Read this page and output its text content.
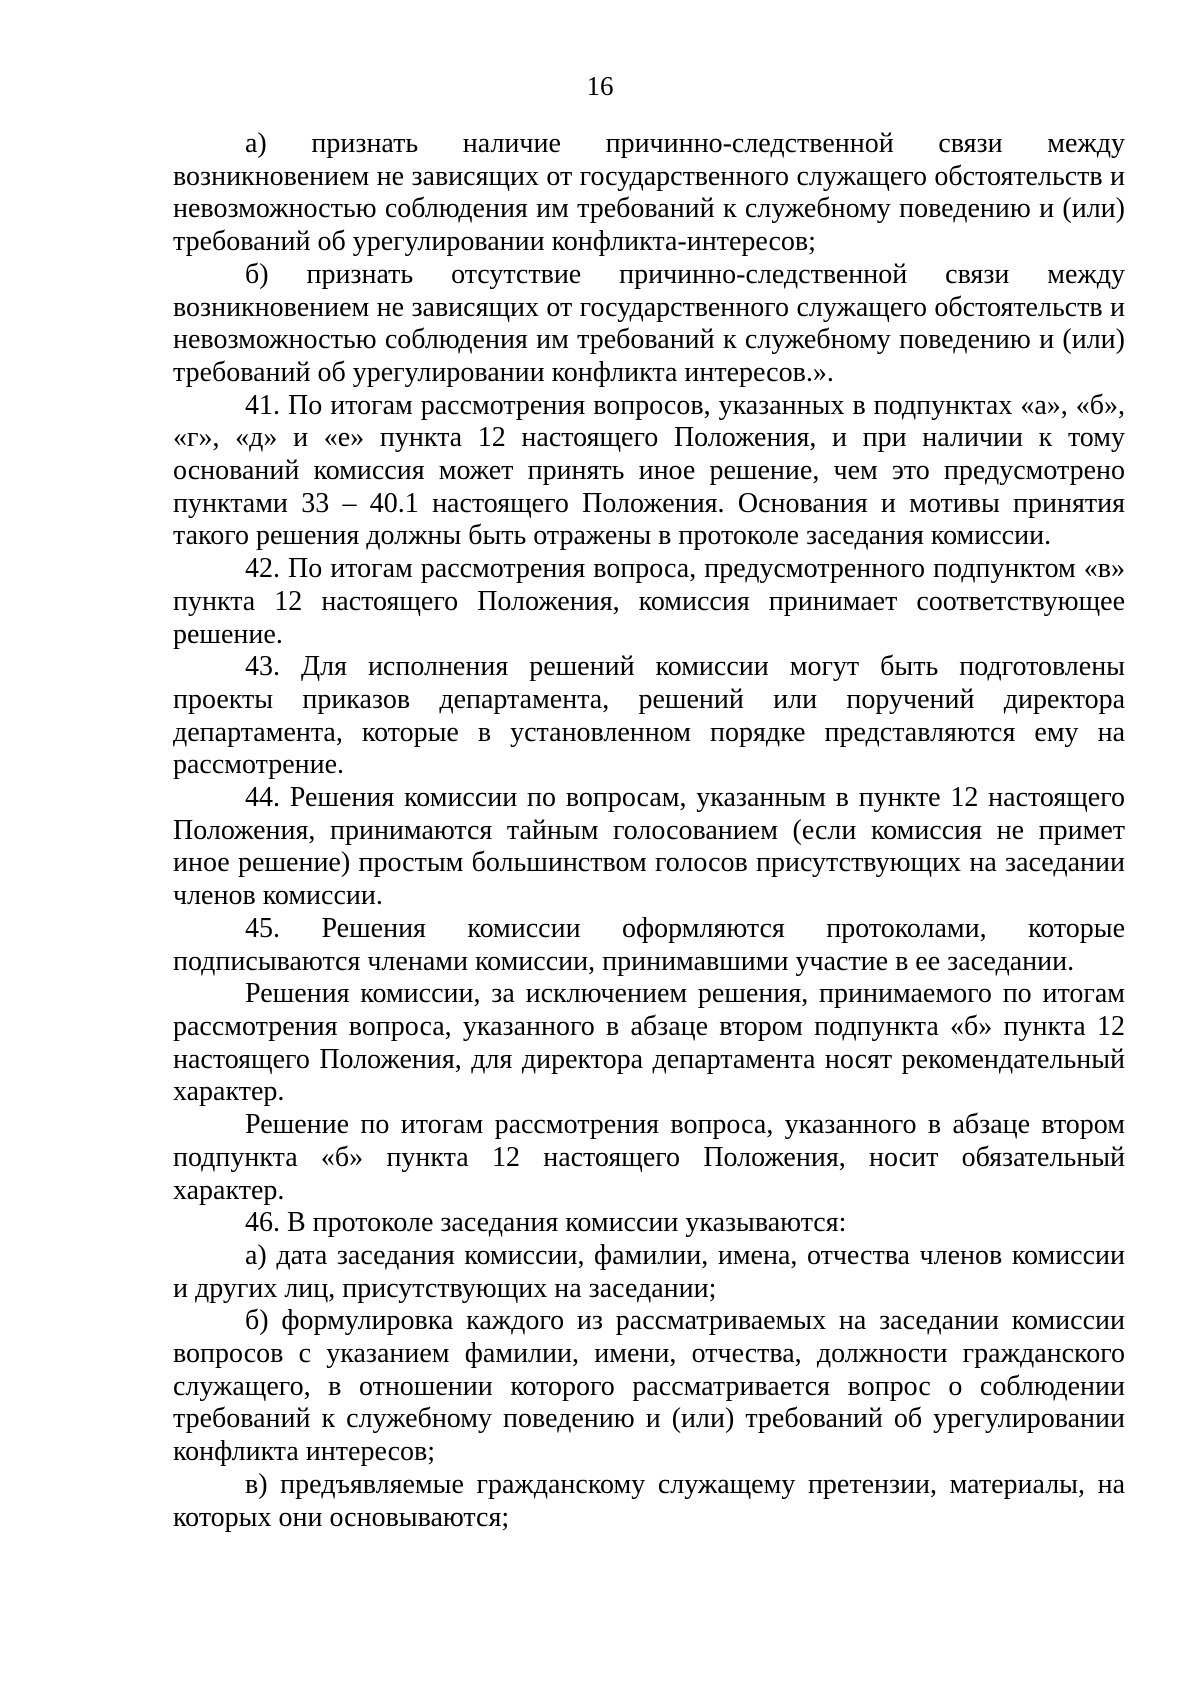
16

а) признать наличие причинно-следственной связи между возникновением не зависящих от государственного служащего обстоятельств и невозможностью соблюдения им требований к служебному поведению и (или) требований об урегулировании конфликта-интересов;

б) признать отсутствие причинно-следственной связи между возникновением не зависящих от государственного служащего обстоятельств и невозможностью соблюдения им требований к служебному поведению и (или) требований об урегулировании конфликта интересов.».

41. По итогам рассмотрения вопросов, указанных в подпунктах «а», «б», «г», «д» и «е» пункта 12 настоящего Положения, и при наличии к тому оснований комиссия может принять иное решение, чем это предусмотрено пунктами 33 – 40.1 настоящего Положения. Основания и мотивы принятия такого решения должны быть отражены в протоколе заседания комиссии.

42. По итогам рассмотрения вопроса, предусмотренного подпунктом «в» пункта 12 настоящего Положения, комиссия принимает соответствующее решение.

43. Для исполнения решений комиссии могут быть подготовлены проекты приказов департамента, решений или поручений директора департамента, которые в установленном порядке представляются ему на рассмотрение.

44. Решения комиссии по вопросам, указанным в пункте 12 настоящего Положения, принимаются тайным голосованием (если комиссия не примет иное решение) простым большинством голосов присутствующих на заседании членов комиссии.

45. Решения комиссии оформляются протоколами, которые подписываются членами комиссии, принимавшими участие в ее заседании.

Решения комиссии, за исключением решения, принимаемого по итогам рассмотрения вопроса, указанного в абзаце втором подпункта «б» пункта 12 настоящего Положения, для директора департамента носят рекомендательный характер.

Решение по итогам рассмотрения вопроса, указанного в абзаце втором подпункта «б» пункта 12 настоящего Положения, носит обязательный характер.

46. В протоколе заседания комиссии указываются:

а) дата заседания комиссии, фамилии, имена, отчества членов комиссии и других лиц, присутствующих на заседании;

б) формулировка каждого из рассматриваемых на заседании комиссии вопросов с указанием фамилии, имени, отчества, должности гражданского служащего, в отношении которого рассматривается вопрос о соблюдении требований к служебному поведению и (или) требований об урегулировании конфликта интересов;

в) предъявляемые гражданскому служащему претензии, материалы, на которых они основываются;
